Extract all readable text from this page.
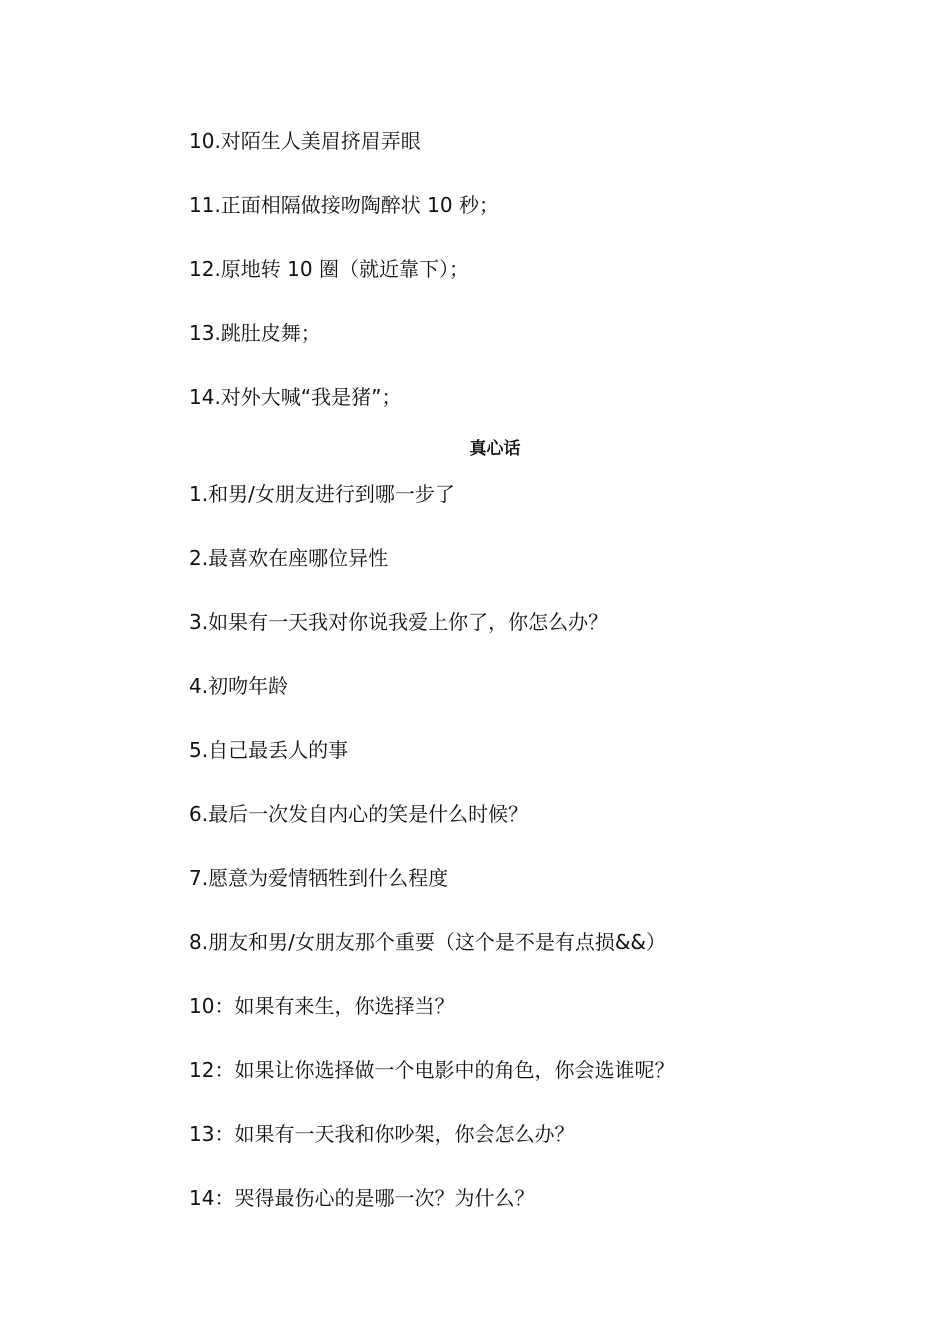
10.对陌生人美眉挤眉弄眼
11.正面相隔做接吻陶醉状 10 秒；
12.原地转 10 圈（就近靠下）；
13.跳肚皮舞；
14.对外大喊“我是猪”；
真心话
1.和男/女朋友进行到哪一步了
2.最喜欢在座哪位异性
3.如果有一天我对你说我爱上你了，你怎么办？
4.初吻年龄
5.自己最丢人的事
6.最后一次发自内心的笑是什么时候？
7.愿意为爱情牺牲到什么程度
8.朋友和男/女朋友那个重要（这个是不是有点损&&）
10：如果有来生，你选择当？
12：如果让你选择做一个电影中的角色，你会选谁呢？
13：如果有一天我和你吵架，你会怎么办？
14：哭得最伤心的是哪一次？为什么？
